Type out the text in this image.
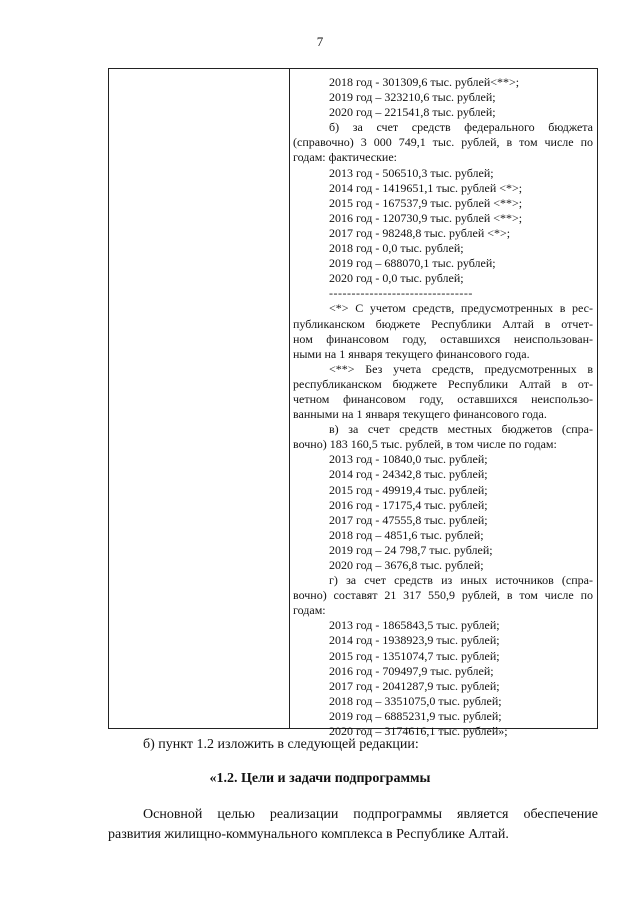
7
2018 год - 301309,6 тыс. рублей<**>;
2019 год – 323210,6 тыс. рублей;
2020 год – 221541,8 тыс. рублей;
б) за счет средств федерального бюджета
(справочно) 3 000 749,1 тыс. рублей, в том числе по
годам: фактические:
2013 год - 506510,3 тыс. рублей;
2014 год - 1419651,1 тыс. рублей <*>;
2015 год - 167537,9 тыс. рублей <**>;
2016 год - 120730,9 тыс. рублей <**>;
2017 год - 98248,8 тыс. рублей <*>;
2018 год - 0,0 тыс. рублей;
2019 год – 688070,1 тыс. рублей;
2020 год - 0,0 тыс. рублей;
--------------------------------
<*> С учетом средств, предусмотренных в рес-
публиканском бюджете Республики Алтай в отчет-
ном финансовом году, оставшихся неиспользован-
ными на 1 января текущего финансового года.
<**> Без учета средств, предусмотренных в
республиканском бюджете Республики Алтай в от-
четном финансовом году, оставшихся неиспользо-
ванными на 1 января текущего финансового года.
в) за счет средств местных бюджетов (спра-
вочно) 183 160,5 тыс. рублей, в том числе по годам:
2013 год - 10840,0 тыс. рублей;
2014 год - 24342,8 тыс. рублей;
2015 год - 49919,4 тыс. рублей;
2016 год - 17175,4 тыс. рублей;
2017 год - 47555,8 тыс. рублей;
2018 год – 4851,6 тыс. рублей;
2019 год – 24 798,7 тыс. рублей;
2020 год – 3676,8 тыс. рублей;
г) за счет средств из иных источников (спра-
вочно) составят 21 317 550,9 рублей, в том числе по
годам:
2013 год - 1865843,5 тыс. рублей;
2014 год - 1938923,9 тыс. рублей;
2015 год - 1351074,7 тыс. рублей;
2016 год - 709497,9 тыс. рублей;
2017 год - 2041287,9 тыс. рублей;
2018 год – 3351075,0 тыс. рублей;
2019 год – 6885231,9 тыс. рублей;
2020 год – 3174616,1 тыс. рублей»;
б) пункт 1.2 изложить в следующей редакции:
«1.2. Цели и задачи подпрограммы
Основной целью реализации подпрограммы является обеспечение
развития жилищно-коммунального комплекса в Республике Алтай.
